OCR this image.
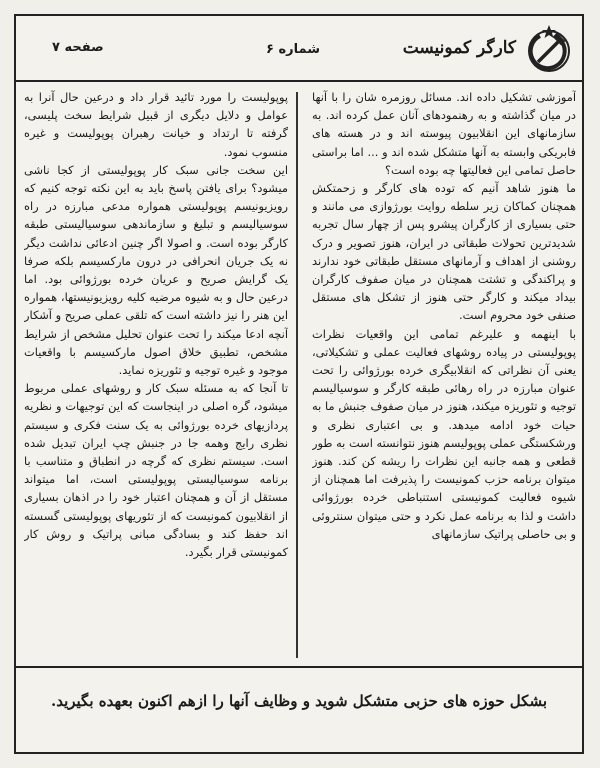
کارگر کمونیست
شماره ۶
صفحه ۷

آموزشی تشکیل داده اند. مسائل روزمره شان را با آنها در میان گذاشته و به رهنمودهای آنان عمل کرده اند. به سازمانهای این انقلابیون پیوسته اند و در هسته های فابریکی وابسته به آنها متشکل شده اند و ... اما براستی حاصل تمامی این فعالیتها چه بوده است؟

ما هنوز شاهد آنیم که توده های کارگر و زحمتکش همچنان کماکان زیر سلطه روایت بورژوازی می مانند و حتی بسیاری از کارگران پیشرو پس از چهار سال تجربه شدیدترین تحولات طبقاتی در ایران، هنوز تصویر و درک روشنی از اهداف و آرمانهای مستقل طبقاتی خود ندارند و پراکندگی و تشتت همچنان در میان صفوف کارگران بیداد میکند و کارگر حتی هنوز از تشکل های مستقل صنفی خود محروم است.

با اینهمه و علیرغم تمامی این واقعیات نظرات پوپولیستی در پیاده روشهای فعالیت عملی و تشکیلاتی، یعنی آن نظراتی که انقلابیگری خرده بورژوائی را تحت عنوان مبارزه در راه رهائی طبقه کارگر و سوسیالیسم توجیه و تئوریزه میکند، هنوز در میان صفوف جنبش ما به حیات خود ادامه میدهد. و بی اعتباری نظری و ورشکستگی عملی پوپولیسم هنوز نتوانسته است به طور قطعی و همه جانبه این نظرات را ریشه کن کند. هنوز میتوان برنامه حزب کمونیست را پذیرفت اما همچنان از شیوه فعالیت کمونیستی استنباطی خرده بورژوائی داشت و لذا به برنامه عمل نکرد و حتی میتوان سنتروئی و بی حاصلی پراتیک سازمانهای

پوپولیست را مورد تائید قرار داد و درعین حال آنرا به عوامل و دلایل دیگری از قبیل شرایط سخت پلیسی، گرفته تا ارتداد و خیانت رهبران پوپولیست و غیره منسوب نمود.

این سخت جانی سبک کار پوپولیستی از کجا ناشی میشود؟ برای یافتن پاسخ باید به این نکته توجه کنیم که رویزیونیسم پوپولیستی همواره مدعی مبارزه در راه سوسیالیسم و تبلیغ و سازماندهی سوسیالیستی طبقه کارگر بوده است. و اصولا اگر چنین ادعائی نداشت دیگر نه یک جریان انحرافی در درون مارکسیسم بلکه صرفا یک گرایش صریح و عریان خرده بورژوائی بود. اما درعین حال و به شیوه مرضیه کلیه رویزیونیستها، همواره این هنر را نیز داشته است که تلقی عملی صریح و آشکار آنچه ادعا میکند را تحت عنوان تحلیل مشخص از شرایط مشخص، تطبیق خلاق اصول مارکسیسم با واقعیات موجود و غیره توجیه و تئوریزه نماید.

تا آنجا که به مسئله سبک کار و روشهای عملی مربوط میشود، گره اصلی در اینجاست که این توجیهات و نظریه پردازیهای خرده بورژوائی به یک سنت فکری و سیستم نظری رایج وهمه جا در جنبش چپ ایران تبدیل شده است. سیستم نظری که گرچه در انطباق و متناسب با برنامه سوسیالیستی پوپولیستی است، اما میتواند مستقل از آن و همچنان اعتبار خود را در اذهان بسیاری از انقلابیون کمونیست که از تئوریهای پوپولیستی گسسته اند حفظ کند و بسادگی مبانی پراتیک و روش کار کمونیستی قرار بگیرد.

بشکل حوزه های حزبی متشکل شوید و وظایف آنها را ازهم اکنون بعهده بگیرید.
